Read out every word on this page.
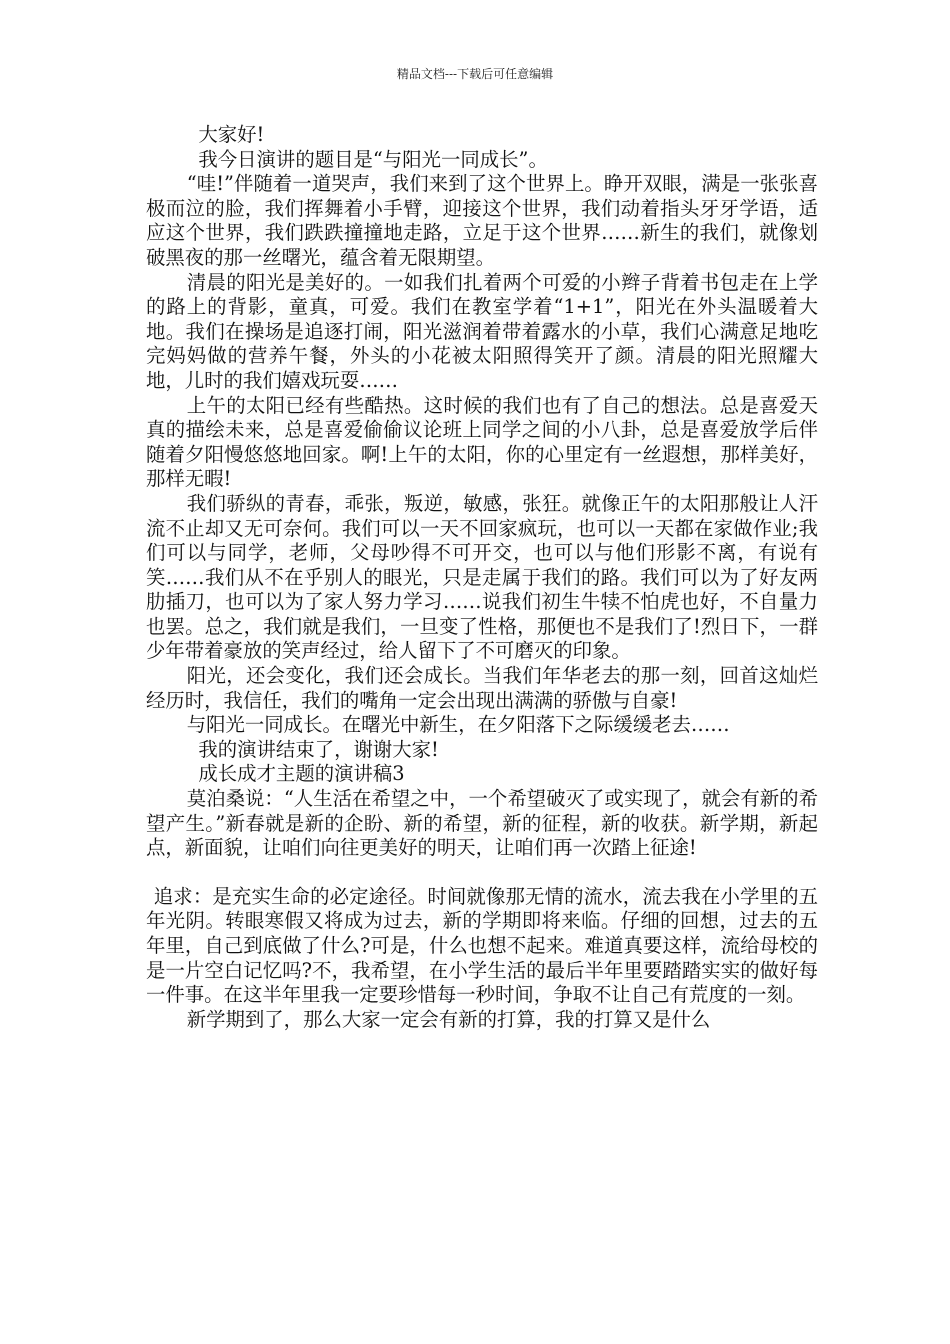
精品文档---下载后可任意编辑

大家好!

我今日演讲的题目是“与阳光一同成长”。

“哇!”伴随着一道哭声，我们来到了这个世界上。睁开双眼，满是一张张喜极而泣的脸，我们挥舞着小手臂，迎接这个世界，我们动着指头牙牙学语，适应这个世界，我们跌跌撞撞地走路，立足于这个世界……新生的我们，就像划破黑夜的那一丝曙光，蕴含着无限期望。

清晨的阳光是美好的。一如我们扎着两个可爱的小辫子背着书包走在上学的路上的背影，童真，可爱。我们在教室学着“1+1”，阳光在外头温暖着大地。我们在操场是追逐打闹，阳光滋润着带着露水的小草，我们心满意足地吃完妈妈做的营养午餐，外头的小花被太阳照得笑开了颜。清晨的阳光照耀大地，儿时的我们嬉戏玩耍……

上午的太阳已经有些酷热。这时候的我们也有了自己的想法。总是喜爱天真的描绘未来，总是喜爱偷偷议论班上同学之间的小八卦，总是喜爱放学后伴随着夕阳慢悠悠地回家。啊!上午的太阳，你的心里定有一丝遐想，那样美好，那样无暇!

我们骄纵的青春，乖张，叛逆，敏感，张狂。就像正午的太阳那般让人汗流不止却又无可奈何。我们可以一天不回家疯玩，也可以一天都在家做作业;我们可以与同学，老师，父母吵得不可开交，也可以与他们形影不离，有说有笑……我们从不在乎别人的眼光，只是走属于我们的路。我们可以为了好友两肋插刀，也可以为了家人努力学习……说我们初生牛犊不怕虎也好，不自量力也罢。总之，我们就是我们，一旦变了性格，那便也不是我们了!烈日下，一群少年带着豪放的笑声经过，给人留下了不可磨灭的印象。

阳光，还会变化，我们还会成长。当我们年华老去的那一刻，回首这灿烂经历时，我信任，我们的嘴角一定会出现出满满的骄傲与自豪!

与阳光一同成长。在曙光中新生，在夕阳落下之际缓缓老去……

我的演讲结束了，谢谢大家!

成长成才主题的演讲稿3

莫泊桑说：“人生活在希望之中，一个希望破灭了或实现了，就会有新的希望产生。”新春就是新的企盼、新的希望，新的征程，新的收获。新学期，新起点，新面貌，让咱们向往更美好的明天，让咱们再一次踏上征途!

追求：是充实生命的必定途径。时间就像那无情的流水，流去我在小学里的五年光阴。转眼寒假又将成为过去，新的学期即将来临。仔细的回想，过去的五年里，自己到底做了什么?可是，什么也想不起来。难道真要这样，流给母校的是一片空白记忆吗?不，我希望，在小学生活的最后半年里要踏踏实实的做好每一件事。在这半年里我一定要珍惜每一秒时间，争取不让自己有荒度的一刻。

新学期到了，那么大家一定会有新的打算，我的打算又是什么
